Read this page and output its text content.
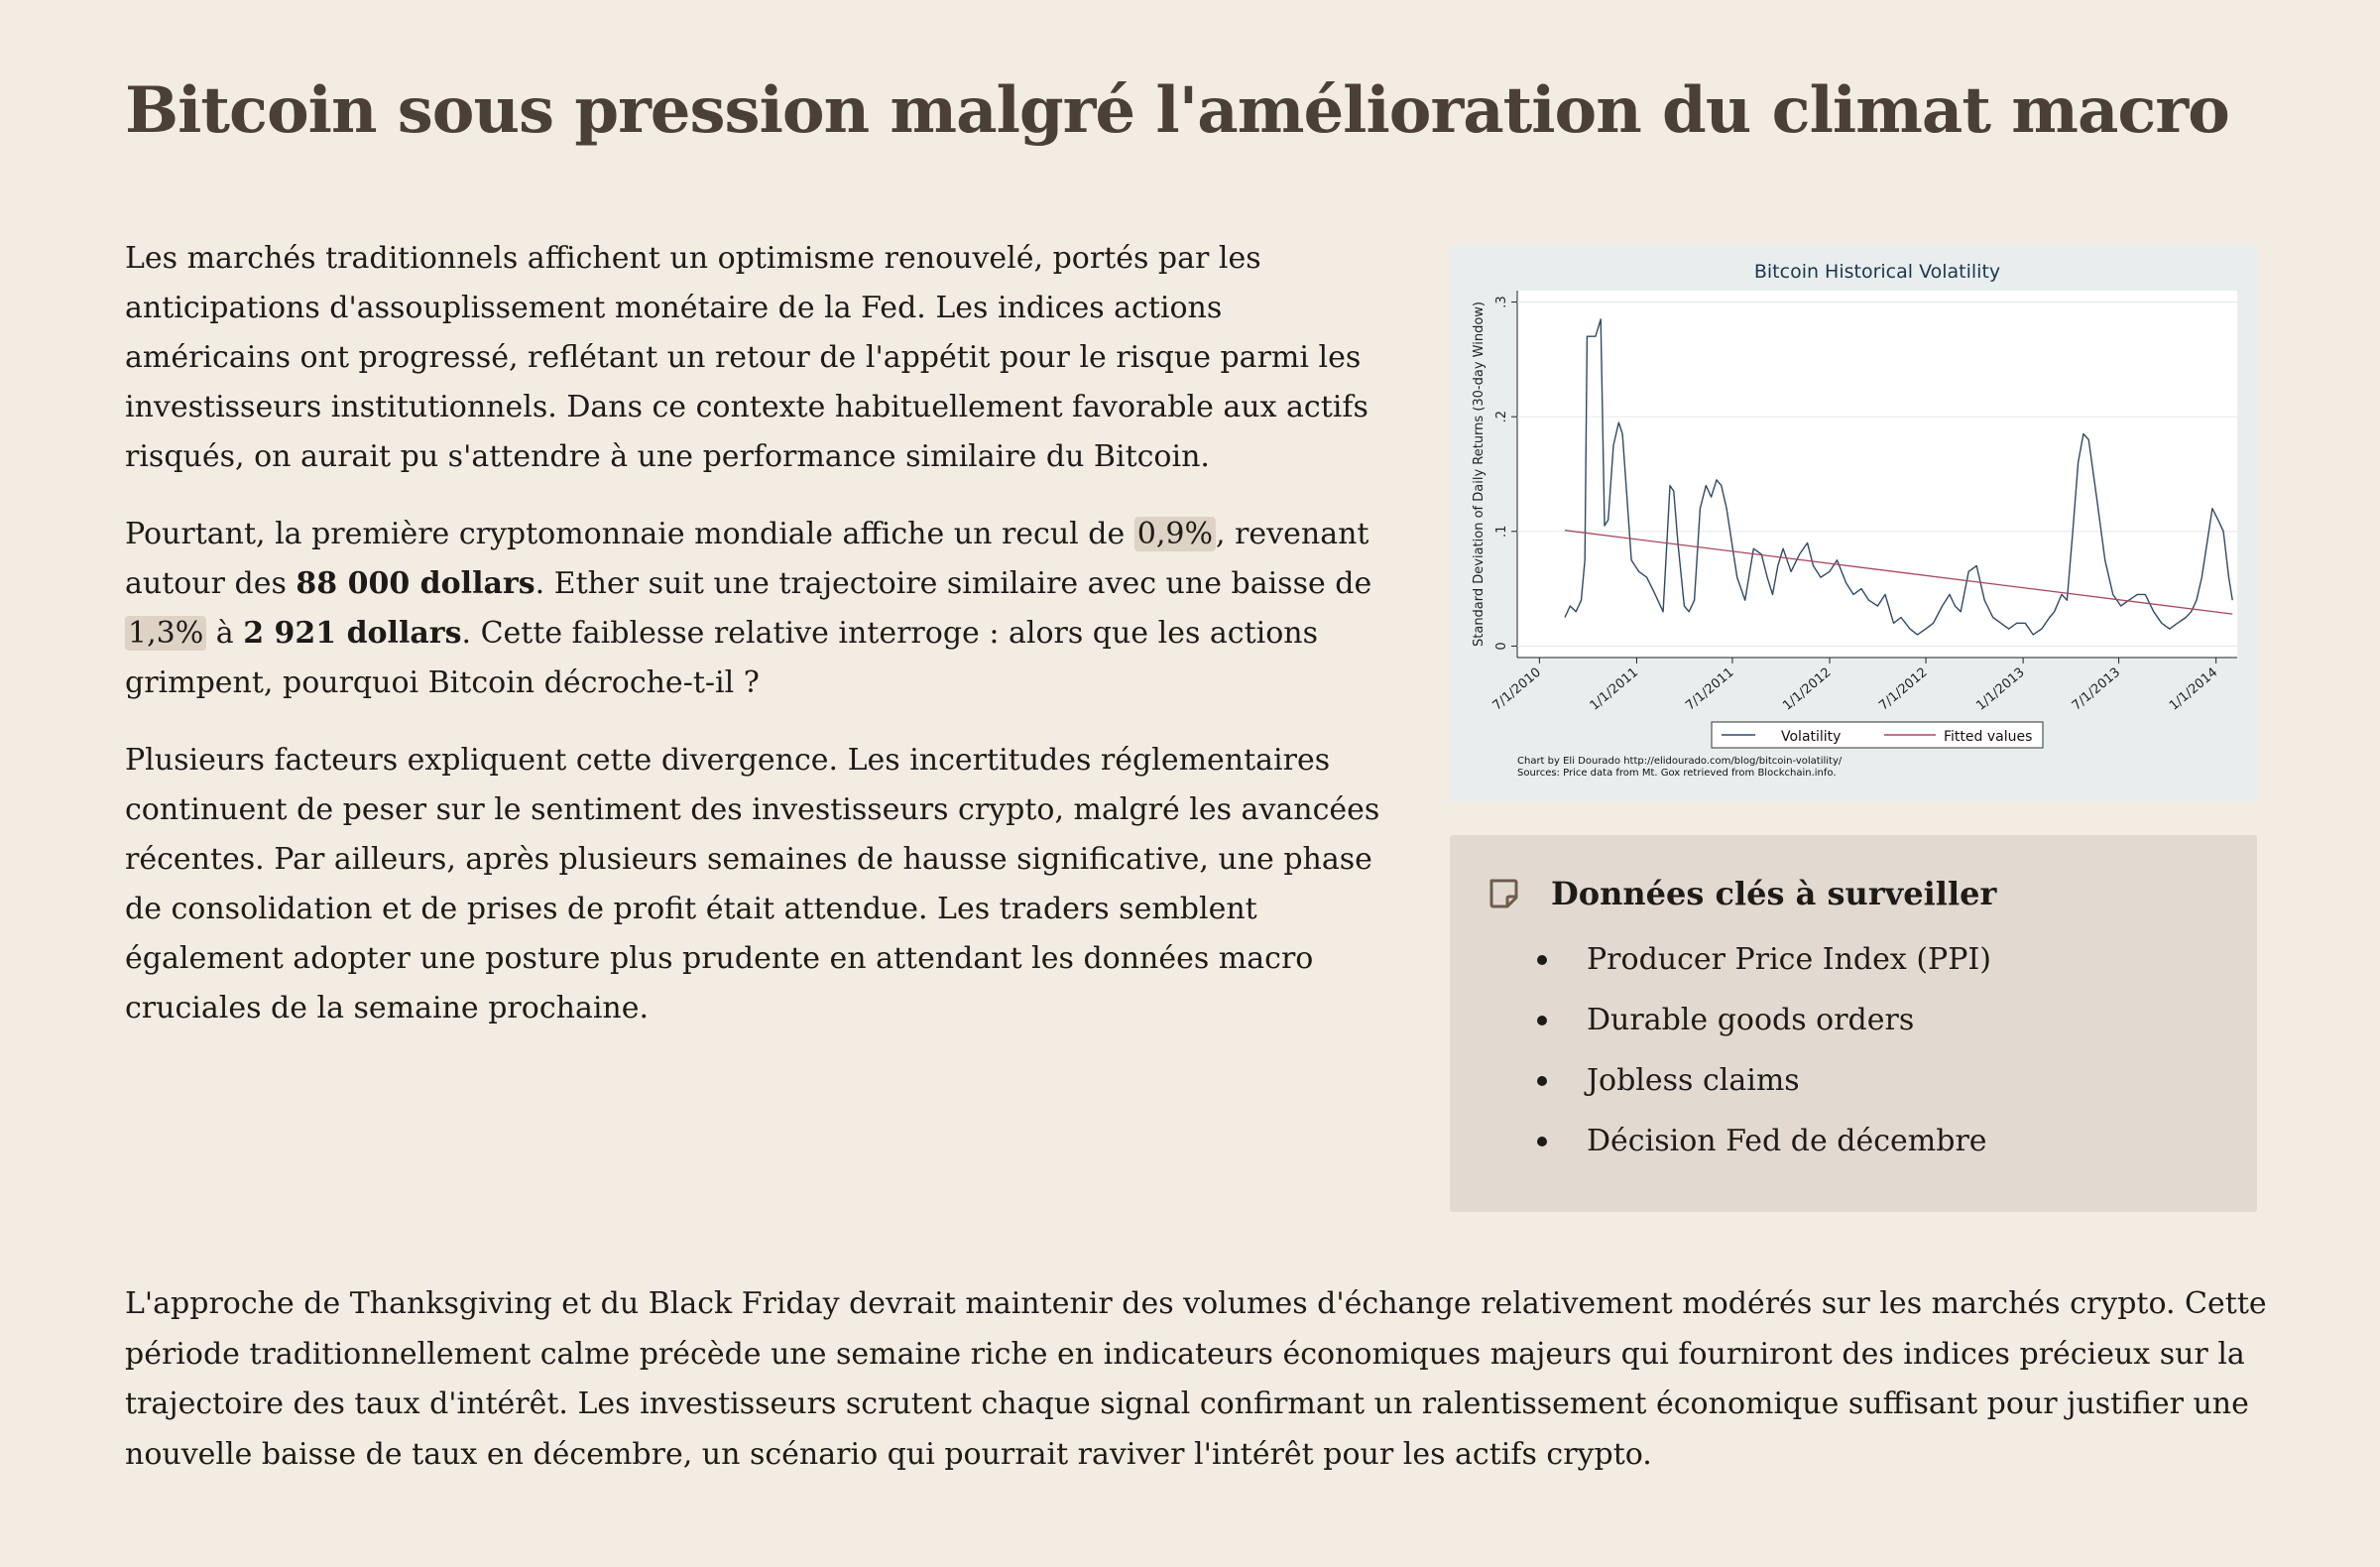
Bitcoin sous pression malgré l'amélioration du climat macro

Les marchés traditionnels affichent un optimisme renouvelé, portés par les anticipations d'assouplissement monétaire de la Fed. Les indices actions américains ont progressé, reflétant un retour de l'appétit pour le risque parmi les investisseurs institutionnels. Dans ce contexte habituellement favorable aux actifs risqués, on aurait pu s'attendre à une performance similaire du Bitcoin.

Pourtant, la première cryptomonnaie mondiale affiche un recul de 0,9% , revenant autour des 88 000 dollars. Ether suit une trajectoire similaire avec une baisse de 1,3% à 2 921 dollars. Cette faiblesse relative interroge : alors que les actions grimpent, pourquoi Bitcoin décroche-t-il ?

Plusieurs facteurs expliquent cette divergence. Les incertitudes réglementaires continuent de peser sur le sentiment des investisseurs crypto, malgré les avancées récentes. Par ailleurs, après plusieurs semaines de hausse significative, une phase de consolidation et de prises de profit était attendue. Les traders semblent également adopter une posture plus prudente en attendant les données macro cruciales de la semaine prochaine.

Bitcoin Historical Volatility
Standard Deviation of Daily Returns (30-day Window) 0
.1
.2
.3
7/1/2010	1/1/2011	7/1/2011	1/1/2012	7/1/2012	1/1/2013	7/1/2013	1/1/2014
Volatility	Fitted values
Chart by Eli Dourado http://elidourado.com/blog/bitcoin-volatility/
Sources: Price data from Mt. Gox retrieved from Blockchain.info.
Données clés à surveiller
Producer Price Index (PPI)
Durable goods orders
Jobless claims
Décision Fed de décembre

L'approche de Thanksgiving et du Black Friday devrait maintenir des volumes d'échange relativement modérés sur les marchés crypto. Cette période traditionnellement calme précède une semaine riche en indicateurs économiques majeurs qui fourniront des indices précieux sur la trajectoire des taux d'intérêt. Les investisseurs scrutent chaque signal confirmant un ralentissement économique suffisant pour justifier une nouvelle baisse de taux en décembre, un scénario qui pourrait raviver l'intérêt pour les actifs crypto.
